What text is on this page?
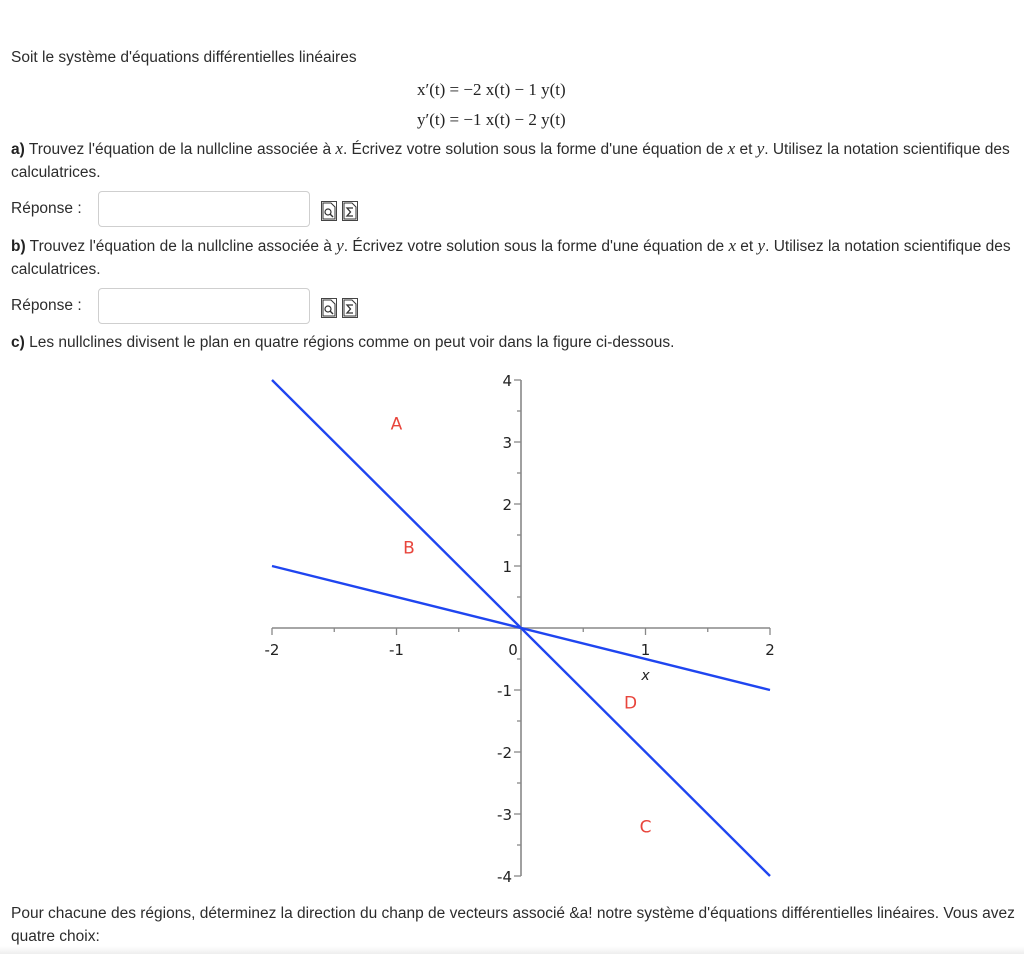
Soit le système d'équations différentielles linéaires
x′(t) = −2 x(t) − 1 y(t)
y′(t) = −1 x(t) − 2 y(t)
a) Trouvez l'équation de la nullcline associée à x. Écrivez votre solution sous la forme d'une équation de x et y. Utilisez la notation scientifique des calculatrices.
Réponse :
b) Trouvez l'équation de la nullcline associée à y. Écrivez votre solution sous la forme d'une équation de x et y. Utilisez la notation scientifique des calculatrices.
Réponse :
c) Les nullclines divisent le plan en quatre régions comme on peut voir dans la figure ci-dessous.
-2	-1	0	1	2
4
3
2
1
-1
-2
-3
-4
x
A
B
C
D
Pour chacune des régions, déterminez la direction du chanp de vecteurs associé &a! notre système d'équations différentielles linéaires. Vous avez quatre choix:
